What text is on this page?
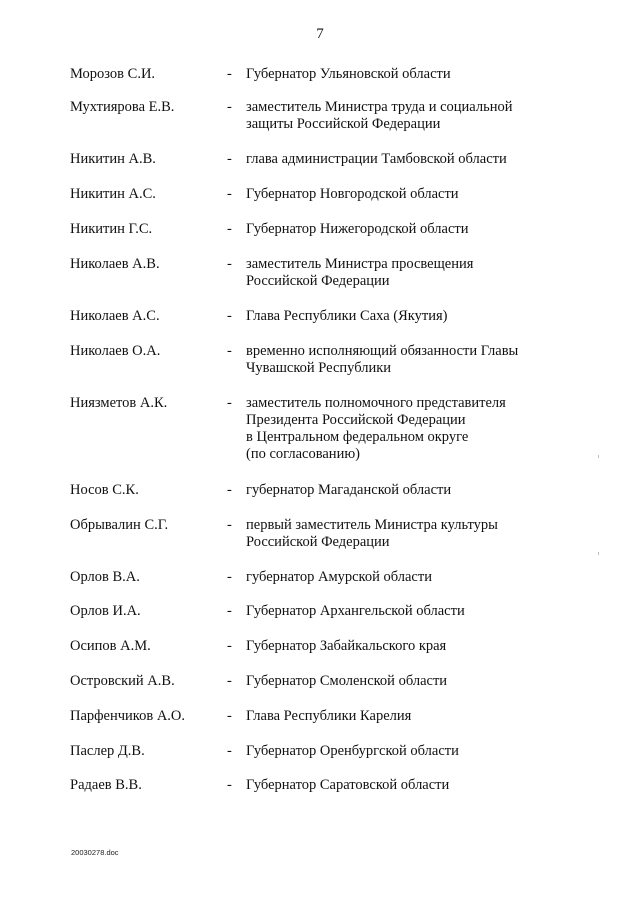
7
Морозов С.И.	- Губернатор Ульяновской области
Мухтиярова Е.В.	- заместитель Министра труда и социальной
защиты Российской Федерации
Никитин А.В.	- глава администрации Тамбовской области
Никитин А.С.	- Губернатор Новгородской области
Никитин Г.С.	- Губернатор Нижегородской области
Николаев А.В.	- заместитель Министра просвещения
Российской Федерации
Николаев А.С.	- Глава Республики Саха (Якутия)
Николаев О.А.	- временно исполняющий обязанности Главы
Чувашской Республики
Ниязметов А.К.	- заместитель полномочного представителя
Президента Российской Федерации
в Центральном федеральном округе
(по согласованию)
Носов С.К.	- губернатор Магаданской области
Обрывалин С.Г.	- первый заместитель Министра культуры
Российской Федерации
Орлов В.А.	- губернатор Амурской области
Орлов И.А.	- Губернатор Архангельской области
Осипов А.М.	- Губернатор Забайкальского края
Островский А.В.	- Губернатор Смоленской области
Парфенчиков А.О.	- Глава Республики Карелия
Паслер Д.В.	- Губернатор Оренбургской области
Радаев В.В.	- Губернатор Саратовской области
20030278.doc
